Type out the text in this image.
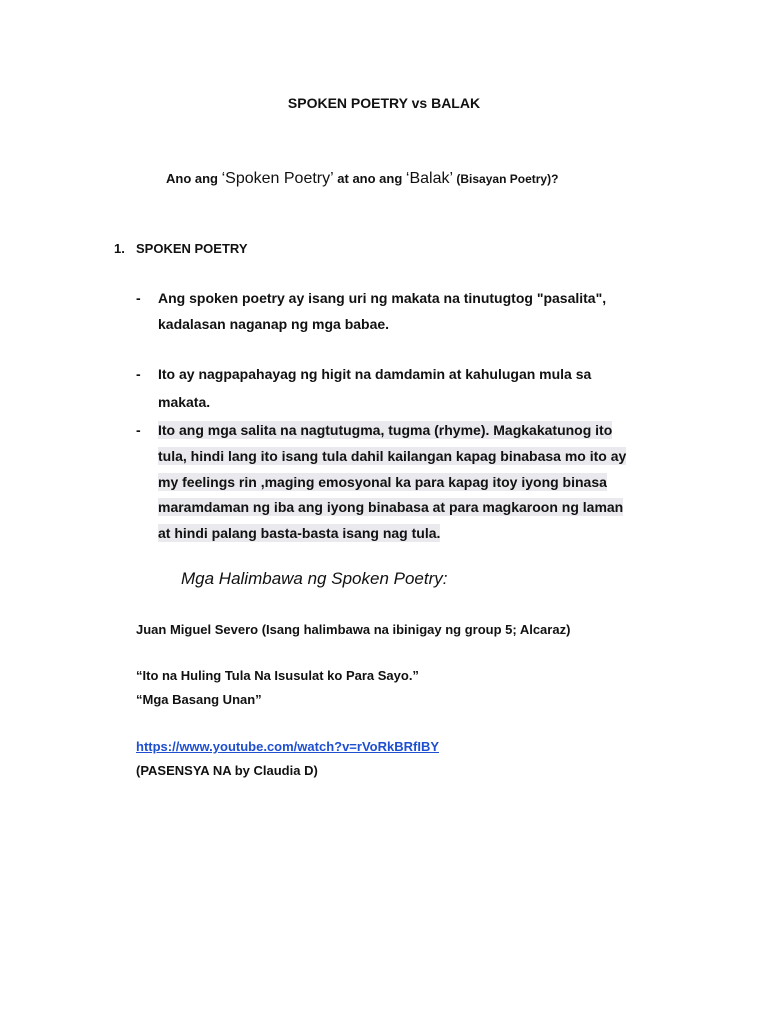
SPOKEN POETRY vs BALAK
Ano ang ‘Spoken Poetry’ at ano ang ‘Balak’ (Bisayan Poetry)?
1. SPOKEN POETRY
- Ang spoken poetry ay isang uri ng makata na tinutugtog "pasalita",
kadalasan naganap ng mga babae.
- Ito ay nagpapahayag ng higit na damdamin at kahulugan mula sa
makata.
- Ito ang mga salita na nagtutugma, tugma (rhyme). Magkakatunog ito
tula, hindi lang ito isang tula dahil kailangan kapag binabasa mo ito ay
my feelings rin ,maging emosyonal ka para kapag itoy iyong binasa
maramdaman ng iba ang iyong binabasa at para magkaroon ng laman
at hindi palang basta-basta isang nag tula.
Mga Halimbawa ng Spoken Poetry:
Juan Miguel Severo (Isang halimbawa na ibinigay ng group 5; Alcaraz)
“Ito na Huling Tula Na Isusulat ko Para Sayo.”
“Mga Basang Unan”
https://www.youtube.com/watch?v=rVoRkBRfIBY
(PASENSYA NA by Claudia D)
